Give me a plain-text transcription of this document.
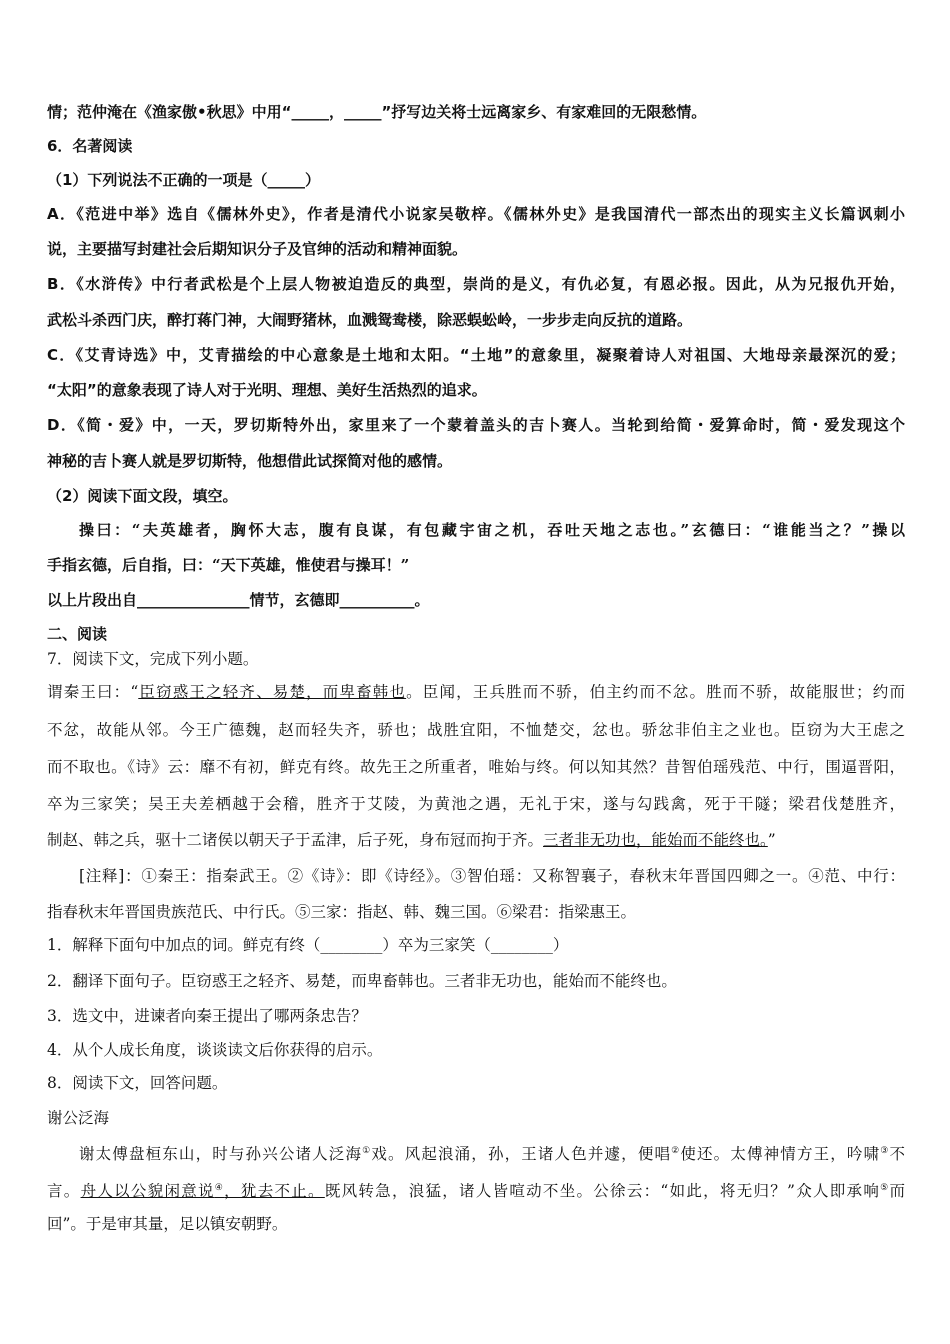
情；范仲淹在《渔家傲•秋思》中用“_____，_____”抒写边关将士远离家乡、有家难回的无限愁情。
6．名著阅读
（1）下列说法不正确的一项是（_____）
A．《范进中举》选自《儒林外史》，作者是清代小说家吴敬梓。《儒林外史》是我国清代一部杰出的现实主义长篇讽刺小
说，主要描写封建社会后期知识分子及官绅的活动和精神面貌。
B．《水浒传》中行者武松是个上层人物被迫造反的典型，崇尚的是义，有仇必复，有恩必报。因此，从为兄报仇开始，
武松斗杀西门庆，醉打蒋门神，大闹野猪林，血溅鸳鸯楼，除恶蜈蚣岭，一步步走向反抗的道路。
C．《艾青诗选》中，艾青描绘的中心意象是土地和太阳。“土地”的意象里，凝聚着诗人对祖国、大地母亲最深沉的爱；
“太阳”的意象表现了诗人对于光明、理想、美好生活热烈的追求。
D．《简・爱》中，一天，罗切斯特外出，家里来了一个蒙着盖头的吉卜赛人。当轮到给简・爱算命时，简・爱发现这个
神秘的吉卜赛人就是罗切斯特，他想借此试探简对他的感情。
（2）阅读下面文段，填空。
操曰：“夫英雄者，胸怀大志，腹有良谋，有包藏宇宙之机，吞吐天地之志也。”玄德曰：“谁能当之？”操以
手指玄德，后自指，曰：“天下英雄，惟使君与操耳！”
以上片段出自_______________情节，玄德即__________。
二、阅读
7．阅读下文，完成下列小题。
谓秦王曰：“臣窃惑王之轻齐、易楚，而卑畜韩也。臣闻，王兵胜而不骄，伯主约而不忿。胜而不骄，故能服世；约而
不忿，故能从邻。今王广德魏，赵而轻失齐，骄也；战胜宜阳，不恤楚交，忿也。骄忿非伯主之业也。臣窃为大王虑之
而不取也。《诗》云：靡不有初，鲜克有终。故先王之所重者，唯始与终。何以知其然？昔智伯瑶残范、中行，围逼晋阳，
卒为三家笑；吴王夫差栖越于会稽，胜齐于艾陵，为黄池之遇，无礼于宋，遂与勾践禽，死于干隧；梁君伐楚胜齐，
制赵、韩之兵，驱十二诸侯以朝天子于孟津，后子死，身布冠而拘于齐。三者非无功也，能始而不能终也。”
[注释]：①秦王：指秦武王。②《诗》：即《诗经》。③智伯瑶：又称智襄子，春秋末年晋国四卿之一。④范、中行：
指春秋末年晋国贵族范氏、中行氏。⑤三家：指赵、韩、魏三国。⑥梁君：指梁惠王。
1．解释下面句中加点的词。鲜克有终（________）卒为三家笑（________）
2．翻译下面句子。臣窃惑王之轻齐、易楚，而卑畜韩也。三者非无功也，能始而不能终也。
3．选文中，进谏者向秦王提出了哪两条忠告？
4．从个人成长角度，谈谈读文后你获得的启示。
8．阅读下文，回答问题。
谢公泛海
谢太傅盘桓东山，时与孙兴公诸人泛海①戏。风起浪涌，孙，王诸人色并遽，便唱②使还。太傅神情方王，吟啸③不
言。舟人以公貌闲意说④，犹去不止。既风转急，浪猛，诸人皆喧动不坐。公徐云：“如此，将无归？”众人即承响⑤而
回”。于是审其量，足以镇安朝野。
